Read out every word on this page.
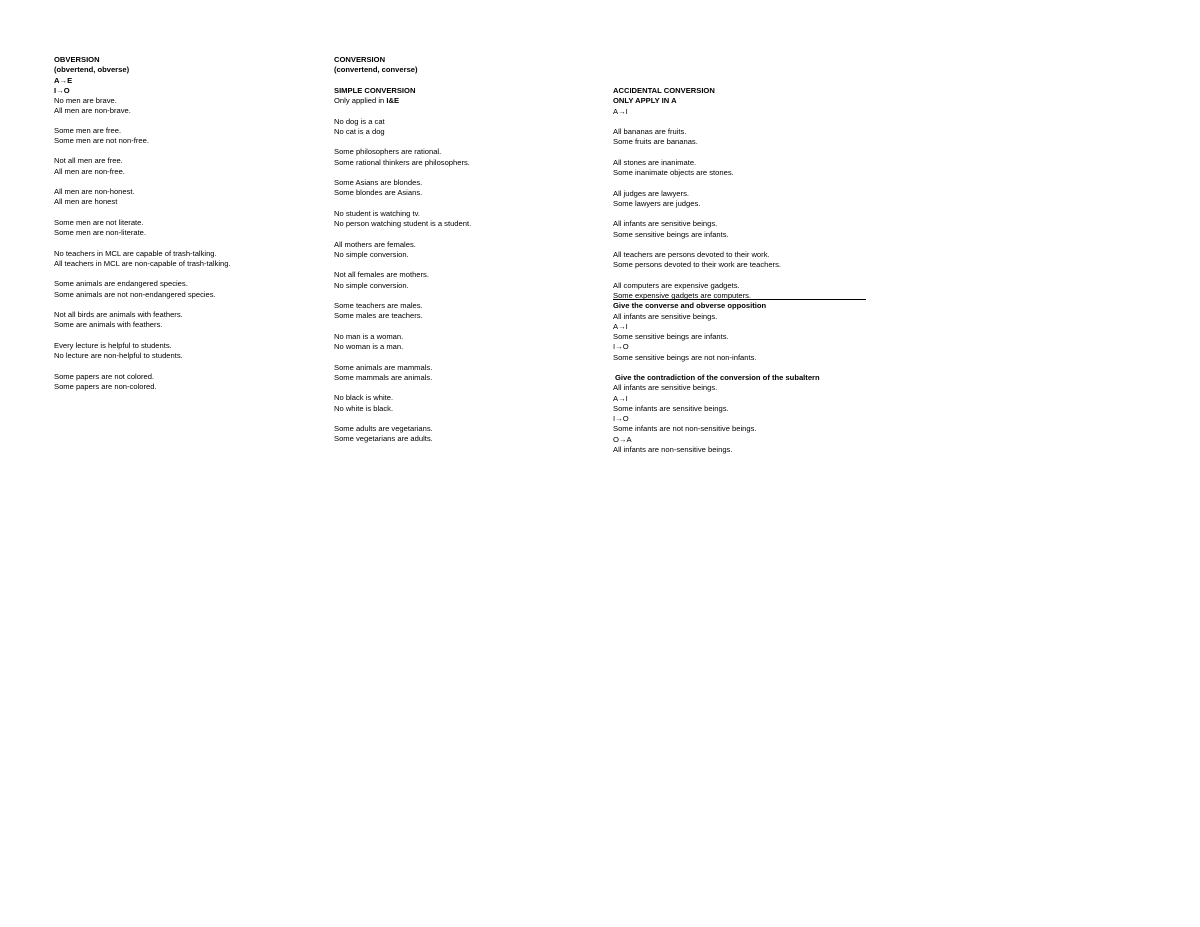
OBVERSION
(obvertend, obverse)
A→E
I→O
No men are brave.
All men are non-brave.
Some men are free.
Some men are not non-free.
Not all men are free.
All men are non-free.
All men are non-honest.
All men are honest
Some men are not literate.
Some men are non-literate.
No teachers in MCL are capable of trash-talking.
All teachers in MCL are non-capable of trash-talking.
Some animals are endangered species.
Some animals are not non-endangered species.
Not all birds are animals with feathers.
Some are animals with feathers.
Every lecture is helpful to students.
No lecture are non-helpful to students.
Some papers are not colored.
Some papers are non-colored.
CONVERSION
(convertend, converse)
SIMPLE CONVERSION
Only applied in I&E
No dog is a cat
No cat is a dog
Some philosophers are rational.
Some rational thinkers are philosophers.
Some Asians are blondes.
Some blondes are Asians.
No student is watching tv.
No person watching student is a student.
All mothers are females.
No simple conversion.
Not all females are mothers.
No simple conversion.
Some teachers are males.
Some males are teachers.
No man is a woman.
No woman is a man.
Some animals are mammals.
Some mammals are animals.
No black is white.
No white is black.
Some adults are vegetarians.
Some vegetarians are adults.
ACCIDENTAL CONVERSION
ONLY APPLY IN A
A→I
All bananas are fruits.
Some fruits are bananas.
All stones are inanimate.
Some inanimate objects are stones.
All judges are lawyers.
Some lawyers are judges.
All infants are sensitive beings.
Some sensitive beings are infants.
All teachers are persons devoted to their work.
Some persons devoted to their work are teachers.
All computers are expensive gadgets.
Some expensive gadgets are computers.
Give the converse and obverse opposition
All infants are sensitive beings.
A→I
Some sensitive beings are infants.
I→O
Some sensitive beings are not non-infants.
Give the contradiction of the conversion of the subaltern
All infants are sensitive beings.
A→I
Some infants are sensitive beings.
I→O
Some infants are not non-sensitive beings.
O→A
All infants are non-sensitive beings.
